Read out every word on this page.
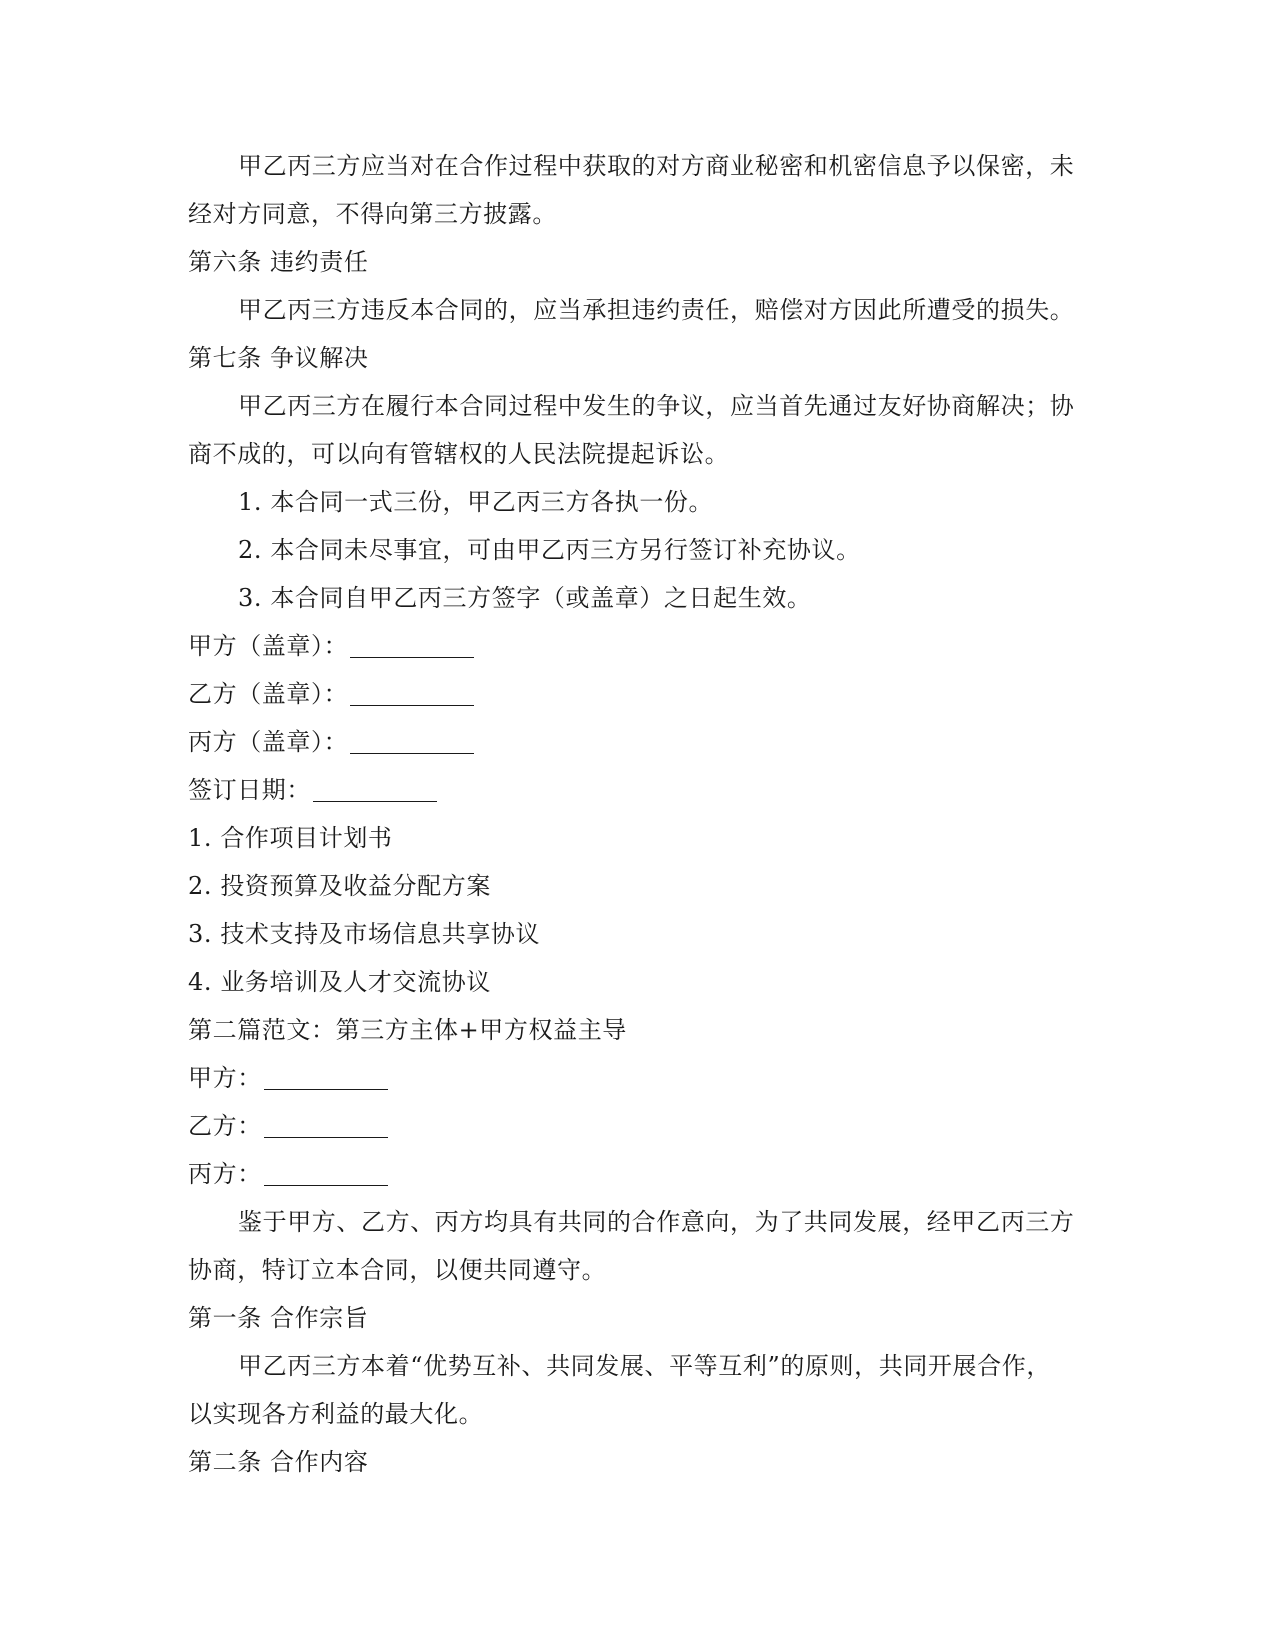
甲乙丙三方应当对在合作过程中获取的对方商业秘密和机密信息予以保密，未
经对方同意，不得向第三方披露。
第六条 违约责任
甲乙丙三方违反本合同的，应当承担违约责任，赔偿对方因此所遭受的损失。
第七条 争议解决
甲乙丙三方在履行本合同过程中发生的争议，应当首先通过友好协商解决；协
商不成的，可以向有管辖权的人民法院提起诉讼。
1. 本合同一式三份，甲乙丙三方各执一份。
2. 本合同未尽事宜，可由甲乙丙三方另行签订补充协议。
3. 本合同自甲乙丙三方签字（或盖章）之日起生效。
甲方（盖章）：
乙方（盖章）：
丙方（盖章）：
签订日期：
1. 合作项目计划书
2. 投资预算及收益分配方案
3. 技术支持及市场信息共享协议
4. 业务培训及人才交流协议
第二篇范文：第三方主体+甲方权益主导
甲方：
乙方：
丙方：
鉴于甲方、乙方、丙方均具有共同的合作意向，为了共同发展，经甲乙丙三方
协商，特订立本合同，以便共同遵守。
第一条 合作宗旨
甲乙丙三方本着“优势互补、共同发展、平等互利”的原则，共同开展合作，
以实现各方利益的最大化。
第二条 合作内容
